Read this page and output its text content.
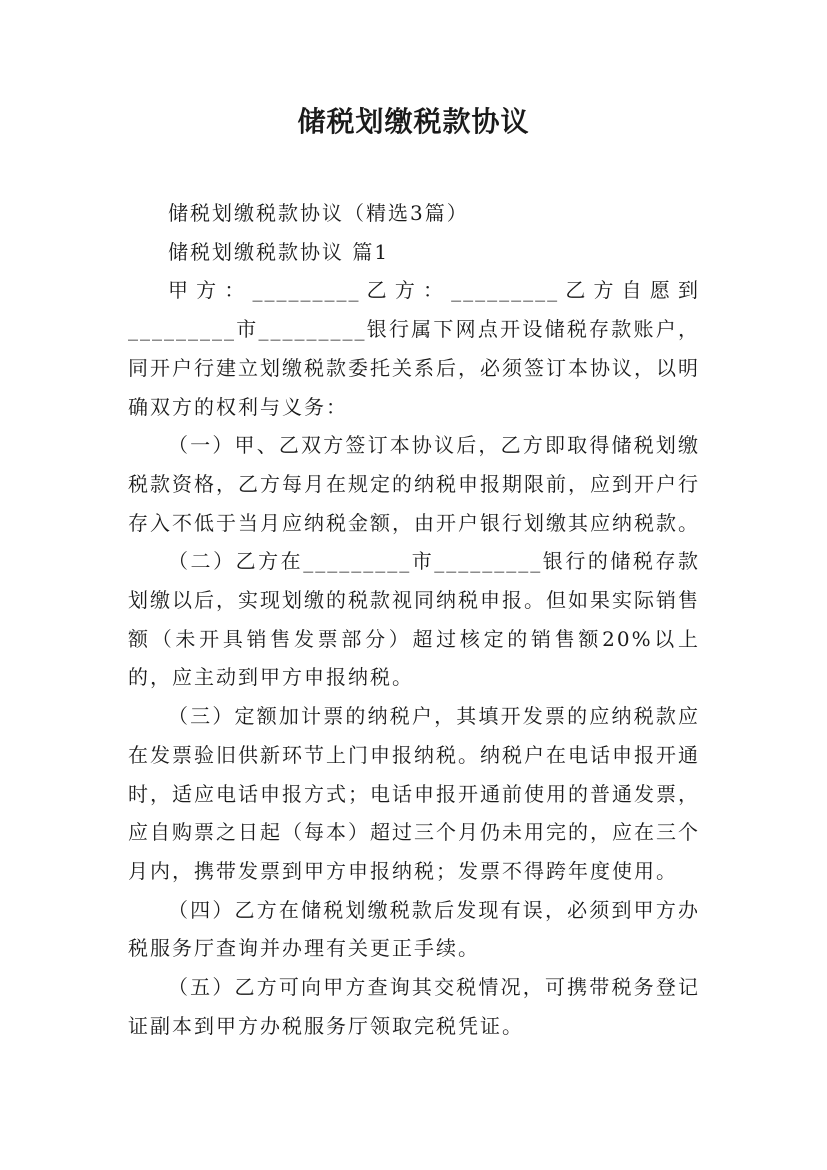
储税划缴税款协议

储税划缴税款协议（精选3篇）

储税划缴税款协议 篇1

甲方：_________乙方：_________乙方自愿到_________市_________银行属下网点开设储税存款账户，同开户行建立划缴税款委托关系后，必须签订本协议，以明确双方的权利与义务：

（一）甲、乙双方签订本协议后，乙方即取得储税划缴税款资格，乙方每月在规定的纳税申报期限前，应到开户行存入不低于当月应纳税金额，由开户银行划缴其应纳税款。

（二）乙方在_________市_________银行的储税存款划缴以后，实现划缴的税款视同纳税申报。但如果实际销售额（未开具销售发票部分）超过核定的销售额20%以上的，应主动到甲方申报纳税。

（三）定额加计票的纳税户，其填开发票的应纳税款应在发票验旧供新环节上门申报纳税。纳税户在电话申报开通时，适应电话申报方式；电话申报开通前使用的普通发票，应自购票之日起（每本）超过三个月仍未用完的，应在三个月内，携带发票到甲方申报纳税；发票不得跨年度使用。

（四）乙方在储税划缴税款后发现有误，必须到甲方办税服务厅查询并办理有关更正手续。

（五）乙方可向甲方查询其交税情况，可携带税务登记证副本到甲方办税服务厅领取完税凭证。
